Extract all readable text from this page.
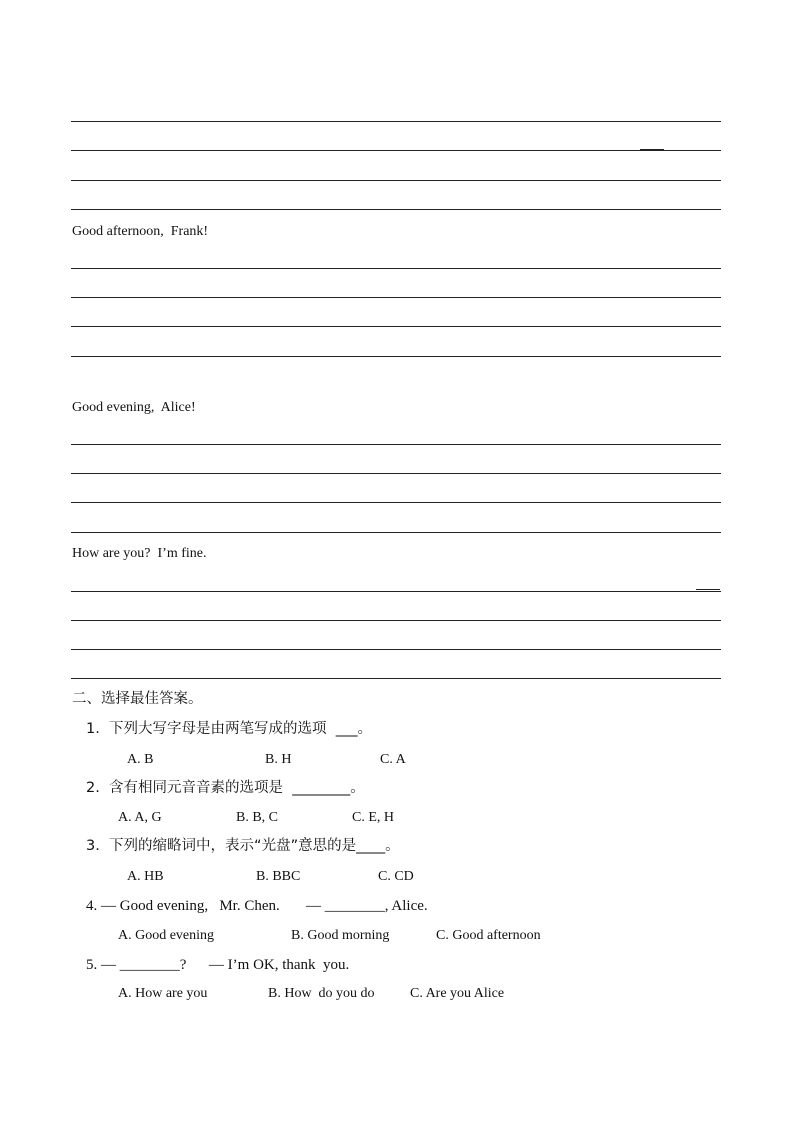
Good afternoon,  Frank!
Good evening,  Alice!
How are you?  I’m fine.
二、选择最佳答案。
1.  下列大写字母是由两笔写成的选项  ___。
A. B	B. H	C. A
2.  含有相同元音音素的选项是  ________。
A. A, G	B. B, C	C. E, H
3.  下列的缩略词中，表示“光盘”意思的是____。
A. HB	B. BBC	C. CD
4. — Good evening,   Mr. Chen.       — ________, Alice.
A. Good evening	B. Good morning	C. Good afternoon
5. — ________?      — I’m OK, thank  you.
A. How are you	B. How  do you do	C. Are you Alice
